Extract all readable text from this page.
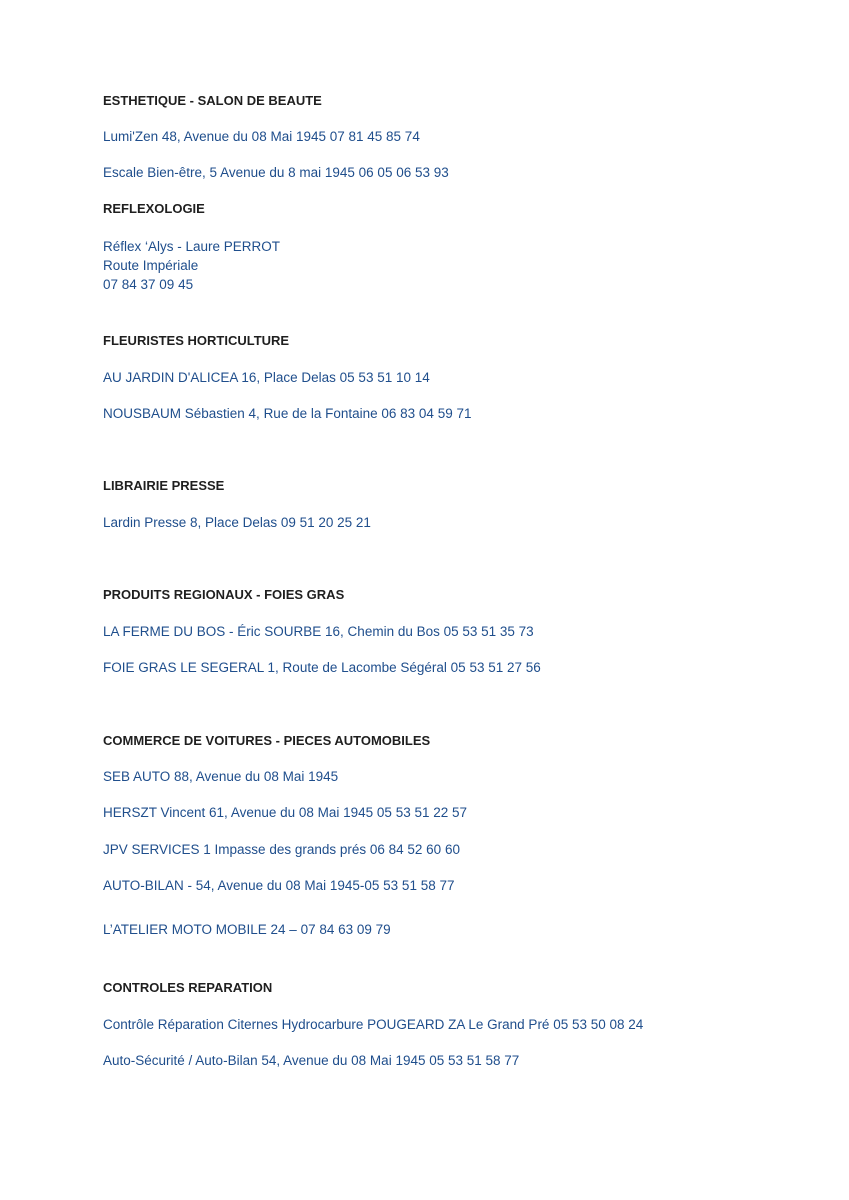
ESTHETIQUE - SALON DE BEAUTE
Lumi'Zen 48, Avenue du 08 Mai 1945 07 81 45 85 74
Escale Bien-être, 5 Avenue du 8 mai 1945 06 05 06 53 93
REFLEXOLOGIE
Réflex ‘Alys - Laure PERROT
Route Impériale
07 84 37 09 45
FLEURISTES HORTICULTURE
AU JARDIN D'ALICEA 16, Place Delas 05 53 51 10 14
NOUSBAUM Sébastien 4, Rue de la Fontaine 06 83 04 59 71
LIBRAIRIE PRESSE
Lardin Presse 8, Place Delas 09 51 20 25 21
PRODUITS REGIONAUX - FOIES GRAS
LA FERME DU BOS - Éric SOURBE 16, Chemin du Bos 05 53 51 35 73
FOIE GRAS LE SEGERAL 1, Route de Lacombe Ségéral 05 53 51 27 56
COMMERCE DE VOITURES - PIECES AUTOMOBILES
SEB AUTO 88, Avenue du 08 Mai 1945
HERSZT Vincent 61, Avenue du 08 Mai 1945 05 53 51 22 57
JPV SERVICES 1 Impasse des grands prés 06 84 52 60 60
AUTO-BILAN - 54, Avenue du 08 Mai 1945-05 53 51 58 77
L’ATELIER MOTO MOBILE 24 – 07 84 63 09 79
CONTROLES REPARATION
Contrôle Réparation Citernes Hydrocarbure POUGEARD ZA Le Grand Pré 05 53 50 08 24
Auto-Sécurité / Auto-Bilan 54, Avenue du 08 Mai 1945 05 53 51 58 77
